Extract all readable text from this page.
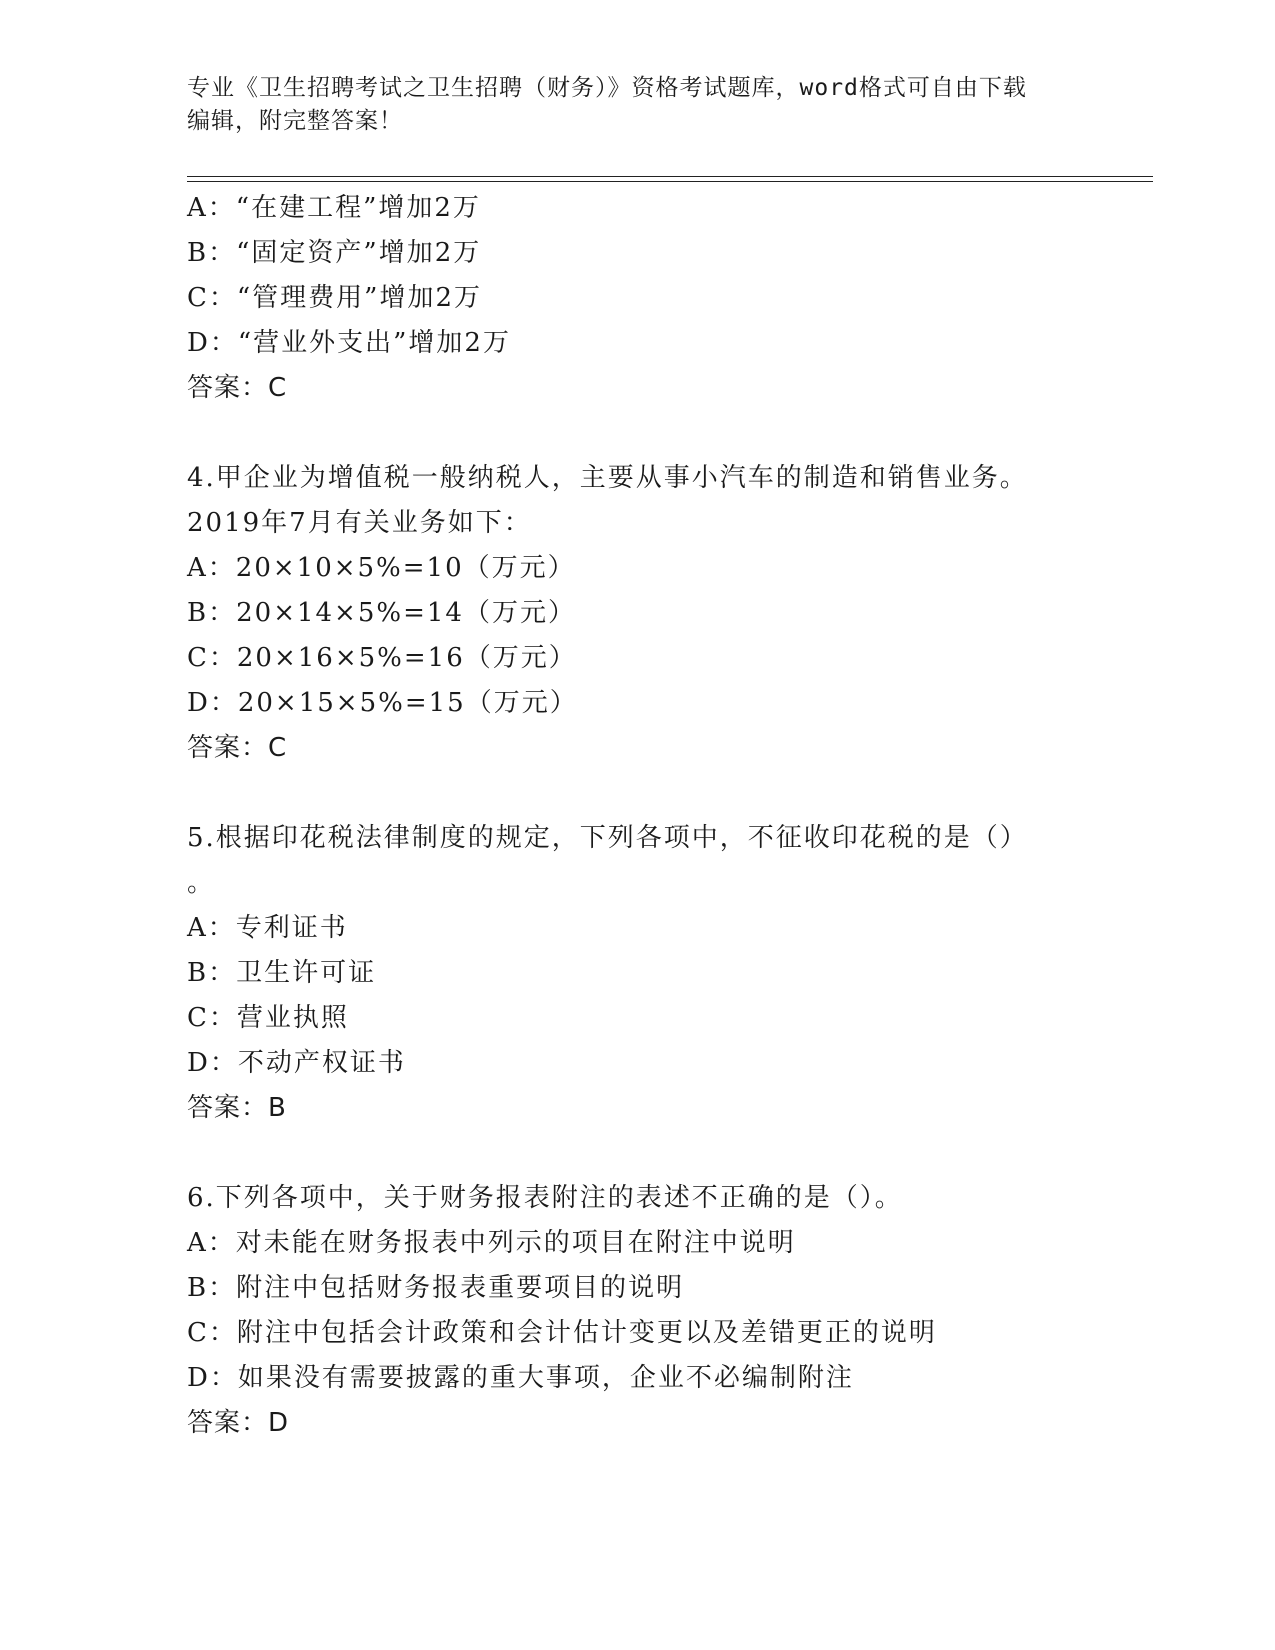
专业《卫生招聘考试之卫生招聘（财务）》资格考试题库，word格式可自由下载

编辑，附完整答案！

A：“在建工程”增加2万
B：“固定资产”增加2万
C：“管理费用”增加2万
D：“营业外支出”增加2万
答案：C
4.甲企业为增值税一般纳税人，主要从事小汽车的制造和销售业务。
2019年7月有关业务如下：
A：20×10×5%=10（万元）
B：20×14×5%=14（万元）
C：20×16×5%=16（万元）
D：20×15×5%=15（万元）
答案：C
5.根据印花税法律制度的规定，下列各项中，不征收印花税的是（）
。
A：专利证书
B：卫生许可证
C：营业执照
D：不动产权证书
答案：B
6.下列各项中，关于财务报表附注的表述不正确的是（）。
A：对未能在财务报表中列示的项目在附注中说明
B：附注中包括财务报表重要项目的说明
C：附注中包括会计政策和会计估计变更以及差错更正的说明
D：如果没有需要披露的重大事项，企业不必编制附注
答案：D
